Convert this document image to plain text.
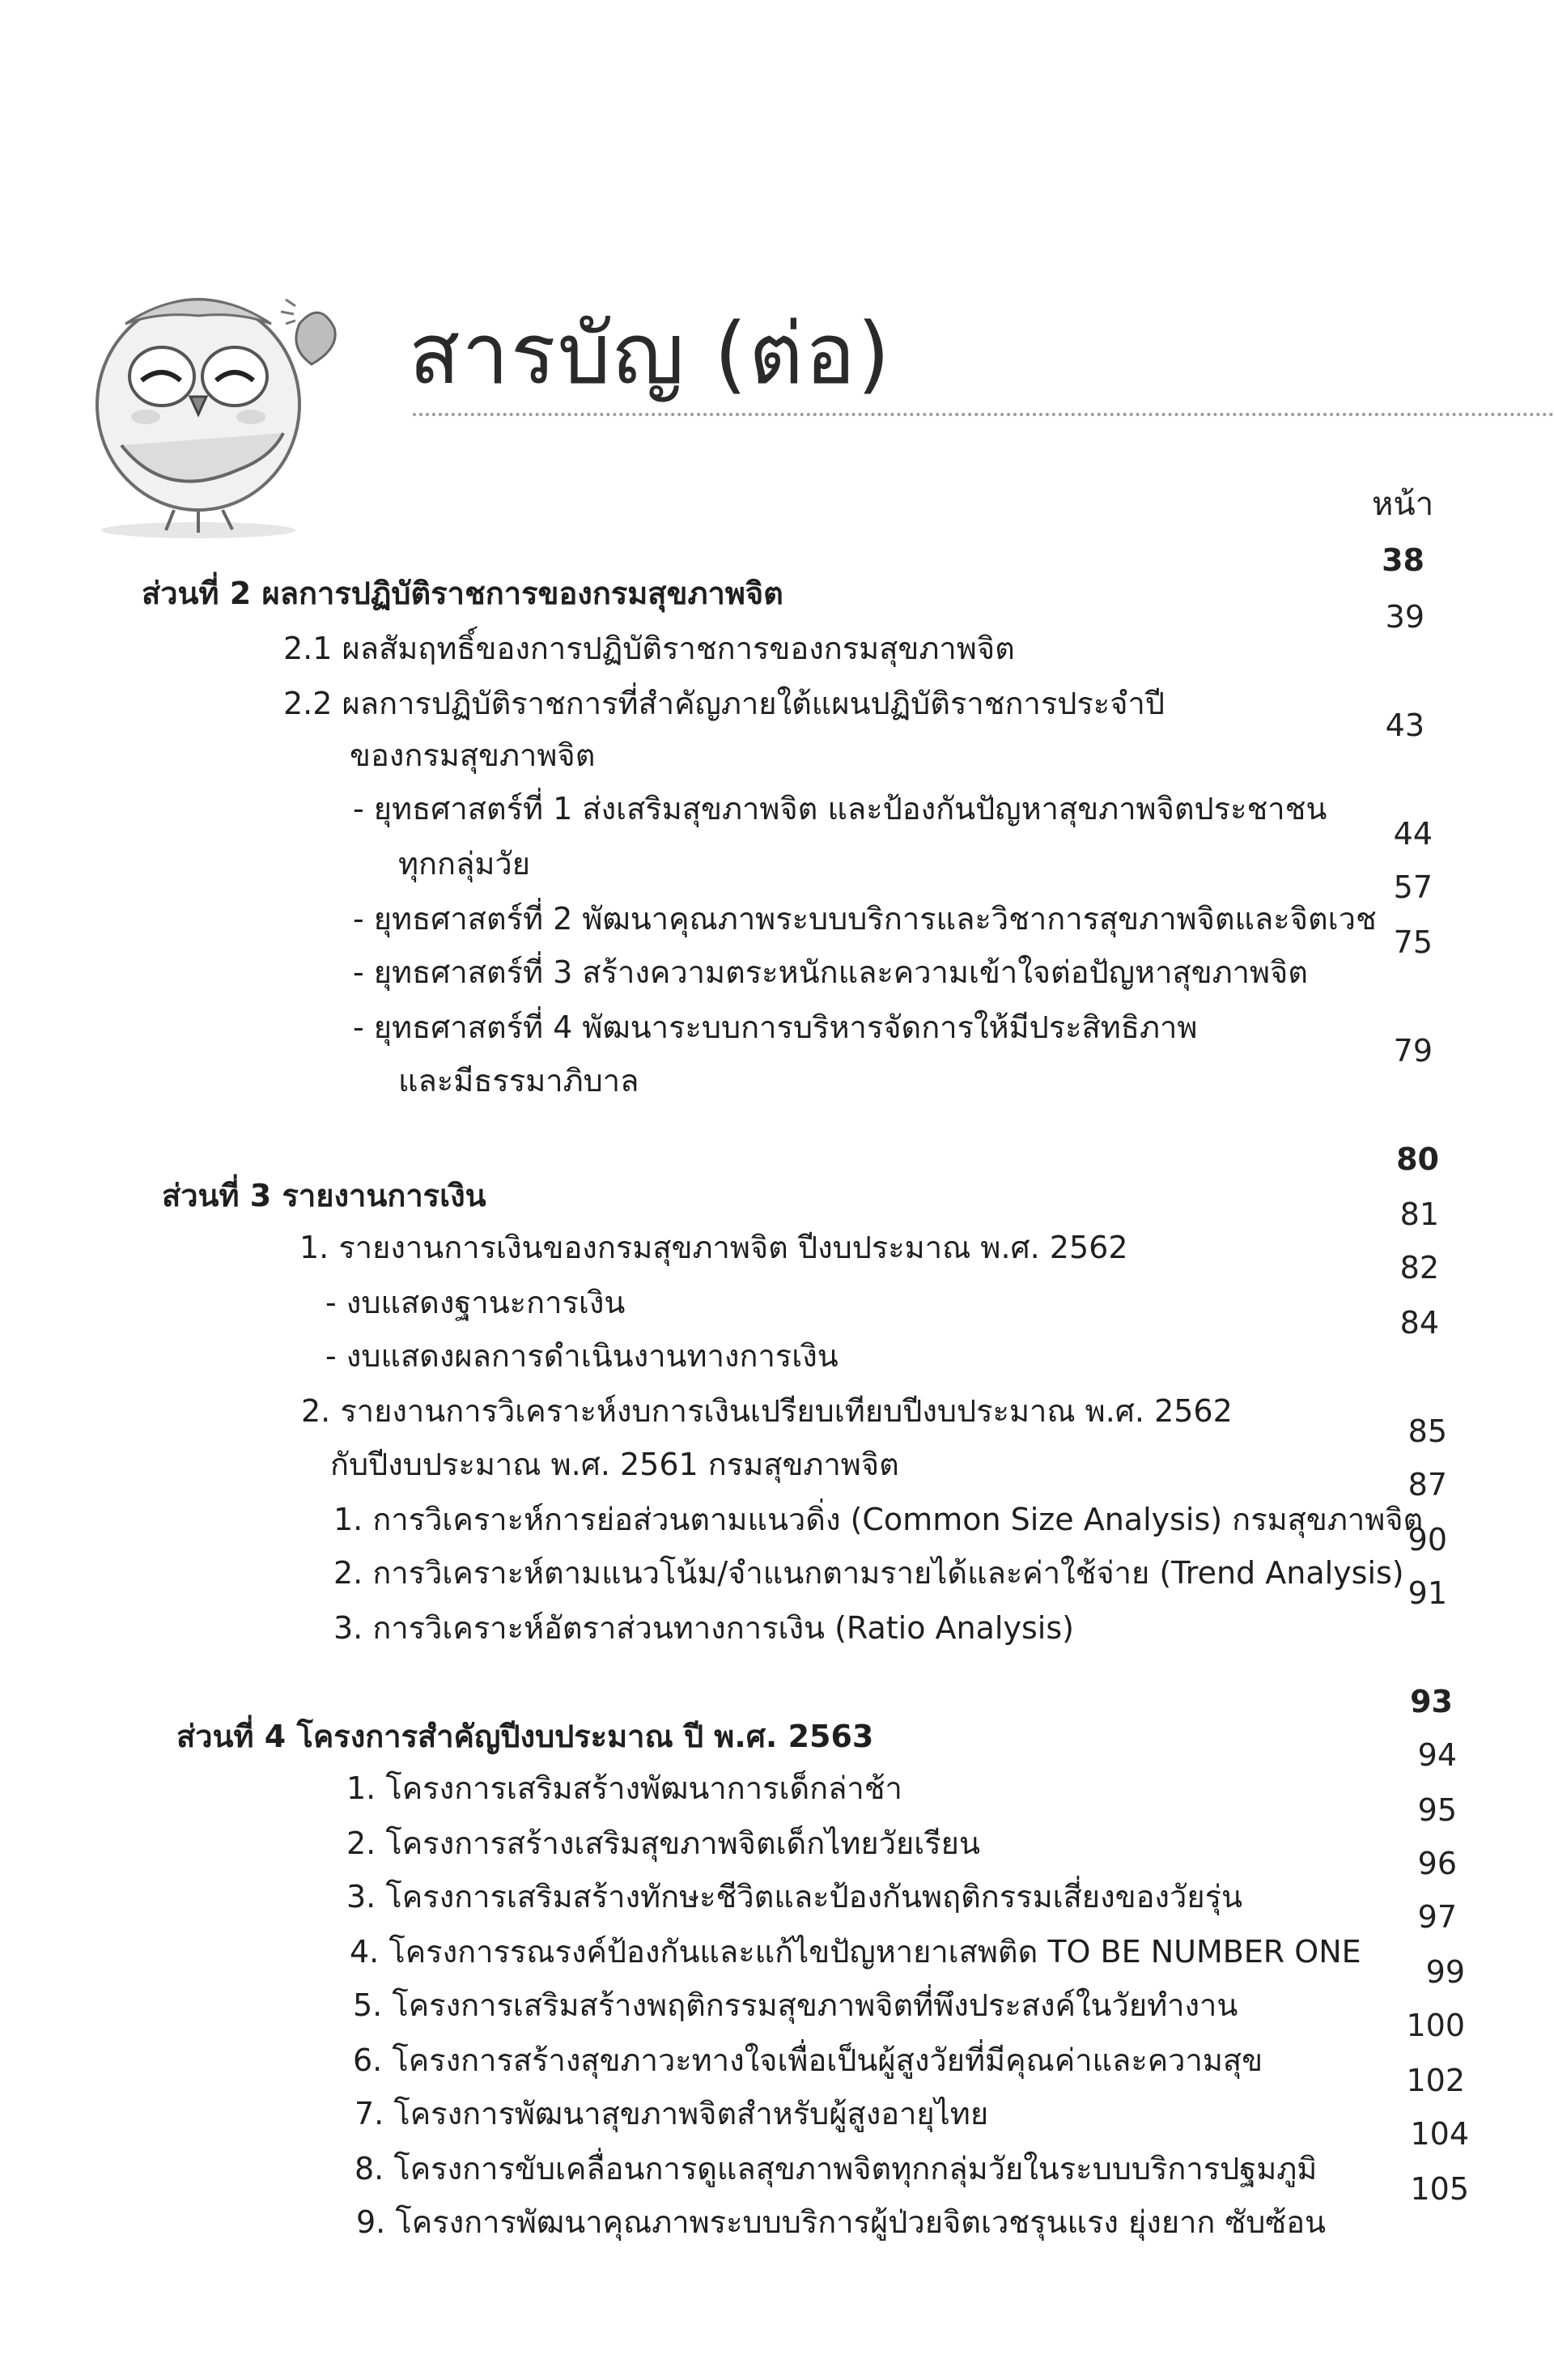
สารบัญ (ต่อ)
หน้า
ส่วนที่ 2 ผลการปฏิบัติราชการของกรมสุขภาพจิต
38
2.1 ผลสัมฤทธิ์ของการปฏิบัติราชการของกรมสุขภาพจิต
39
2.2 ผลการปฏิบัติราชการที่สำคัญภายใต้แผนปฏิบัติราชการประจำปี
ของกรมสุขภาพจิต
43
- ยุทธศาสตร์ที่ 1 ส่งเสริมสุขภาพจิต และป้องกันปัญหาสุขภาพจิตประชาชน
ทุกกลุ่มวัย
44
- ยุทธศาสตร์ที่ 2 พัฒนาคุณภาพระบบบริการและวิชาการสุขภาพจิตและจิตเวช
57
- ยุทธศาสตร์ที่ 3 สร้างความตระหนักและความเข้าใจต่อปัญหาสุขภาพจิต
75
- ยุทธศาสตร์ที่ 4 พัฒนาระบบการบริหารจัดการให้มีประสิทธิภาพ
และมีธรรมาภิบาล
79
ส่วนที่ 3 รายงานการเงิน
80
1. รายงานการเงินของกรมสุขภาพจิต ปีงบประมาณ พ.ศ. 2562
81
- งบแสดงฐานะการเงิน
82
- งบแสดงผลการดำเนินงานทางการเงิน
84
2. รายงานการวิเคราะห์งบการเงินเปรียบเทียบปีงบประมาณ พ.ศ. 2562
กับปีงบประมาณ พ.ศ. 2561 กรมสุขภาพจิต
85
1. การวิเคราะห์การย่อส่วนตามแนวดิ่ง (Common Size Analysis) กรมสุขภาพจิต
87
2. การวิเคราะห์ตามแนวโน้ม/จำแนกตามรายได้และค่าใช้จ่าย (Trend Analysis)
90
3. การวิเคราะห์อัตราส่วนทางการเงิน (Ratio Analysis)
91
ส่วนที่ 4 โครงการสำคัญปีงบประมาณ ปี พ.ศ. 2563
93
1. โครงการเสริมสร้างพัฒนาการเด็กล่าช้า
94
2. โครงการสร้างเสริมสุขภาพจิตเด็กไทยวัยเรียน
95
3. โครงการเสริมสร้างทักษะชีวิตและป้องกันพฤติกรรมเสี่ยงของวัยรุ่น
96
4. โครงการรณรงค์ป้องกันและแก้ไขปัญหายาเสพติด TO BE NUMBER ONE
97
5. โครงการเสริมสร้างพฤติกรรมสุขภาพจิตที่พึงประสงค์ในวัยทำงาน
99
6. โครงการสร้างสุขภาวะทางใจเพื่อเป็นผู้สูงวัยที่มีคุณค่าและความสุข
100
7. โครงการพัฒนาสุขภาพจิตสำหรับผู้สูงอายุไทย
102
8. โครงการขับเคลื่อนการดูแลสุขภาพจิตทุกกลุ่มวัยในระบบบริการปฐมภูมิ
104
9. โครงการพัฒนาคุณภาพระบบบริการผู้ป่วยจิตเวชรุนแรง ยุ่งยาก ซับซ้อน
105
